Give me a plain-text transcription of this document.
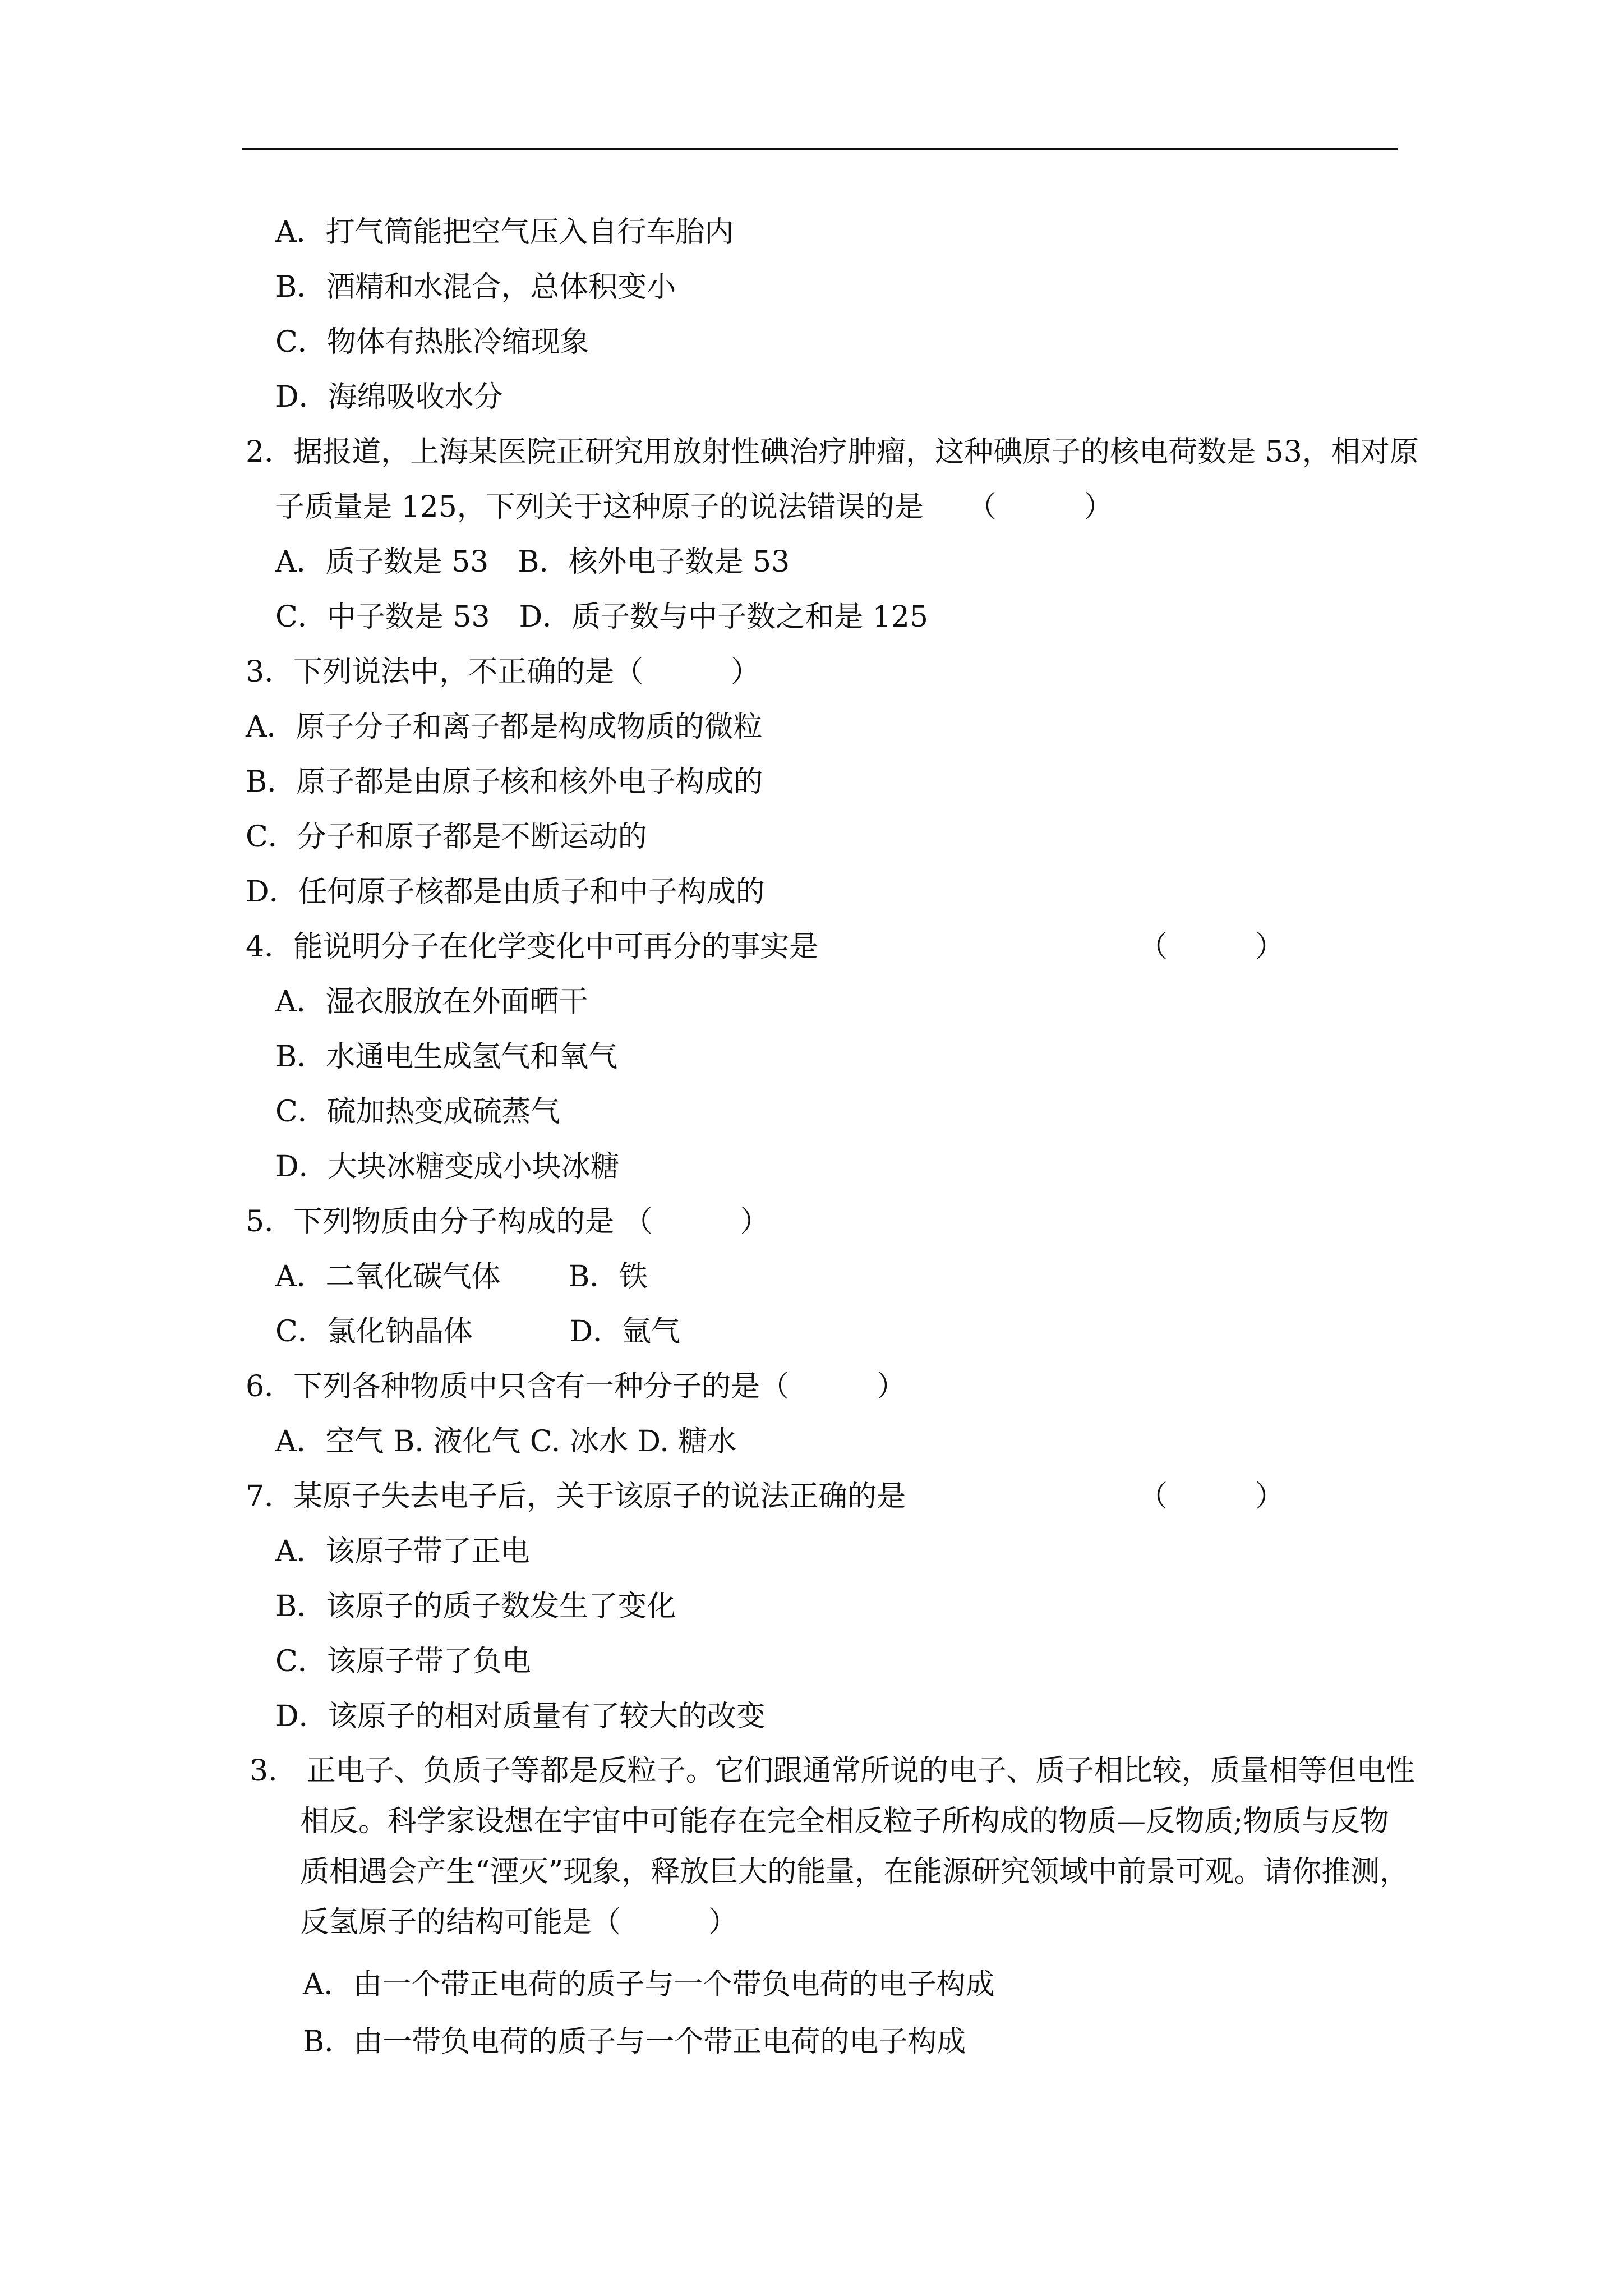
A．打气筒能把空气压入自行车胎内
B．酒精和水混合，总体积变小
C．物体有热胀冷缩现象
D．海绵吸收水分
2．据报道，上海某医院正研究用放射性碘治疗肿瘤，这种碘原子的核电荷数是 53，相对原
子质量是 125，下列关于这种原子的说法错误的是　　（　　　）
A．质子数是 53　B．核外电子数是 53
C．中子数是 53　D．质子数与中子数之和是 125
3．下列说法中，不正确的是（　　　）
A．原子分子和离子都是构成物质的微粒
B．原子都是由原子核和核外电子构成的
C．分子和原子都是不断运动的
D．任何原子核都是由质子和中子构成的
4．能说明分子在化学变化中可再分的事实是	（　　　）
A．湿衣服放在外面晒干
B．水通电生成氢气和氧气
C．硫加热变成硫蒸气
D．大块冰糖变成小块冰糖
5．下列物质由分子构成的是 （　　　）
A．二氧化碳气体　　 B．铁
C．氯化钠晶体　　　 D．氩气
6．下列各种物质中只含有一种分子的是（　　　）
A．空气 B. 液化气 C. 冰水 D. 糖水
7．某原子失去电子后，关于该原子的说法正确的是	（　　　）
A．该原子带了正电
B．该原子的质子数发生了变化
C．该原子带了负电
D．该原子的相对质量有了较大的改变
3.　正电子、负质子等都是反粒子。它们跟通常所说的电子、质子相比较，质量相等但电性
相反。科学家设想在宇宙中可能存在完全相反粒子所构成的物质—反物质;物质与反物
质相遇会产生“湮灭”现象，释放巨大的能量，在能源研究领域中前景可观。请你推测，
反氢原子的结构可能是（　　　）
A．由一个带正电荷的质子与一个带负电荷的电子构成
B．由一带负电荷的质子与一个带正电荷的电子构成
